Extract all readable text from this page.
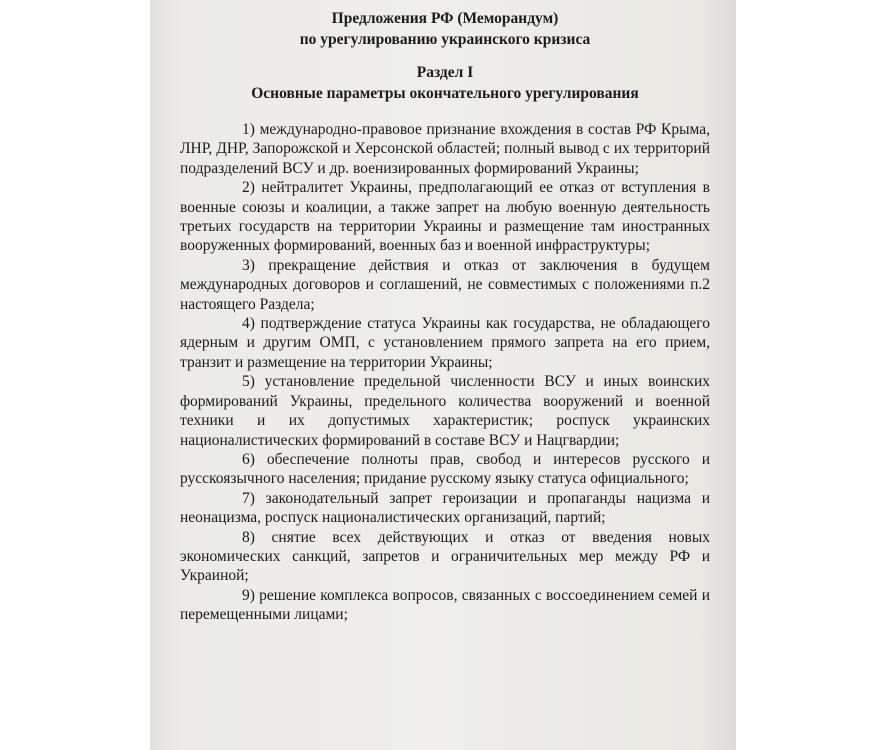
Предложения РФ (Меморандум)

по урегулированию украинского кризиса

Раздел I

Основные параметры окончательного урегулирования

1) международно-правовое признание вхождения в состав РФ Крыма, ЛНР, ДНР, Запорожской и Херсонской областей; полный вывод с их территорий подразделений ВСУ и др. военизированных формирований Украины;

2) нейтралитет Украины, предполагающий ее отказ от вступления в военные союзы и коалиции, а также запрет на любую военную деятельность третьих государств на территории Украины и размещение там иностранных вооруженных формирований, военных баз и военной инфраструктуры;

3) прекращение действия и отказ от заключения в будущем международных договоров и соглашений, не совместимых с положениями п.2 настоящего Раздела;

4) подтверждение статуса Украины как государства, не обладающего ядерным и другим ОМП, с установлением прямого запрета на его прием, транзит и размещение на территории Украины;

5) установление предельной численности ВСУ и иных воинских формирований Украины, предельного количества вооружений и военной техники и их допустимых характеристик; роспуск украинских националистических формирований в составе ВСУ и Нацгвардии;

6) обеспечение полноты прав, свобод и интересов русского и русскоязычного населения; придание русскому языку статуса официального;

7) законодательный запрет героизации и пропаганды нацизма и неонацизма, роспуск националистических организаций, партий;

8) снятие всех действующих и отказ от введения новых экономических санкций, запретов и ограничительных мер между РФ и Украиной;

9) решение комплекса вопросов, связанных с воссоединением семей и перемещенными лицами;
